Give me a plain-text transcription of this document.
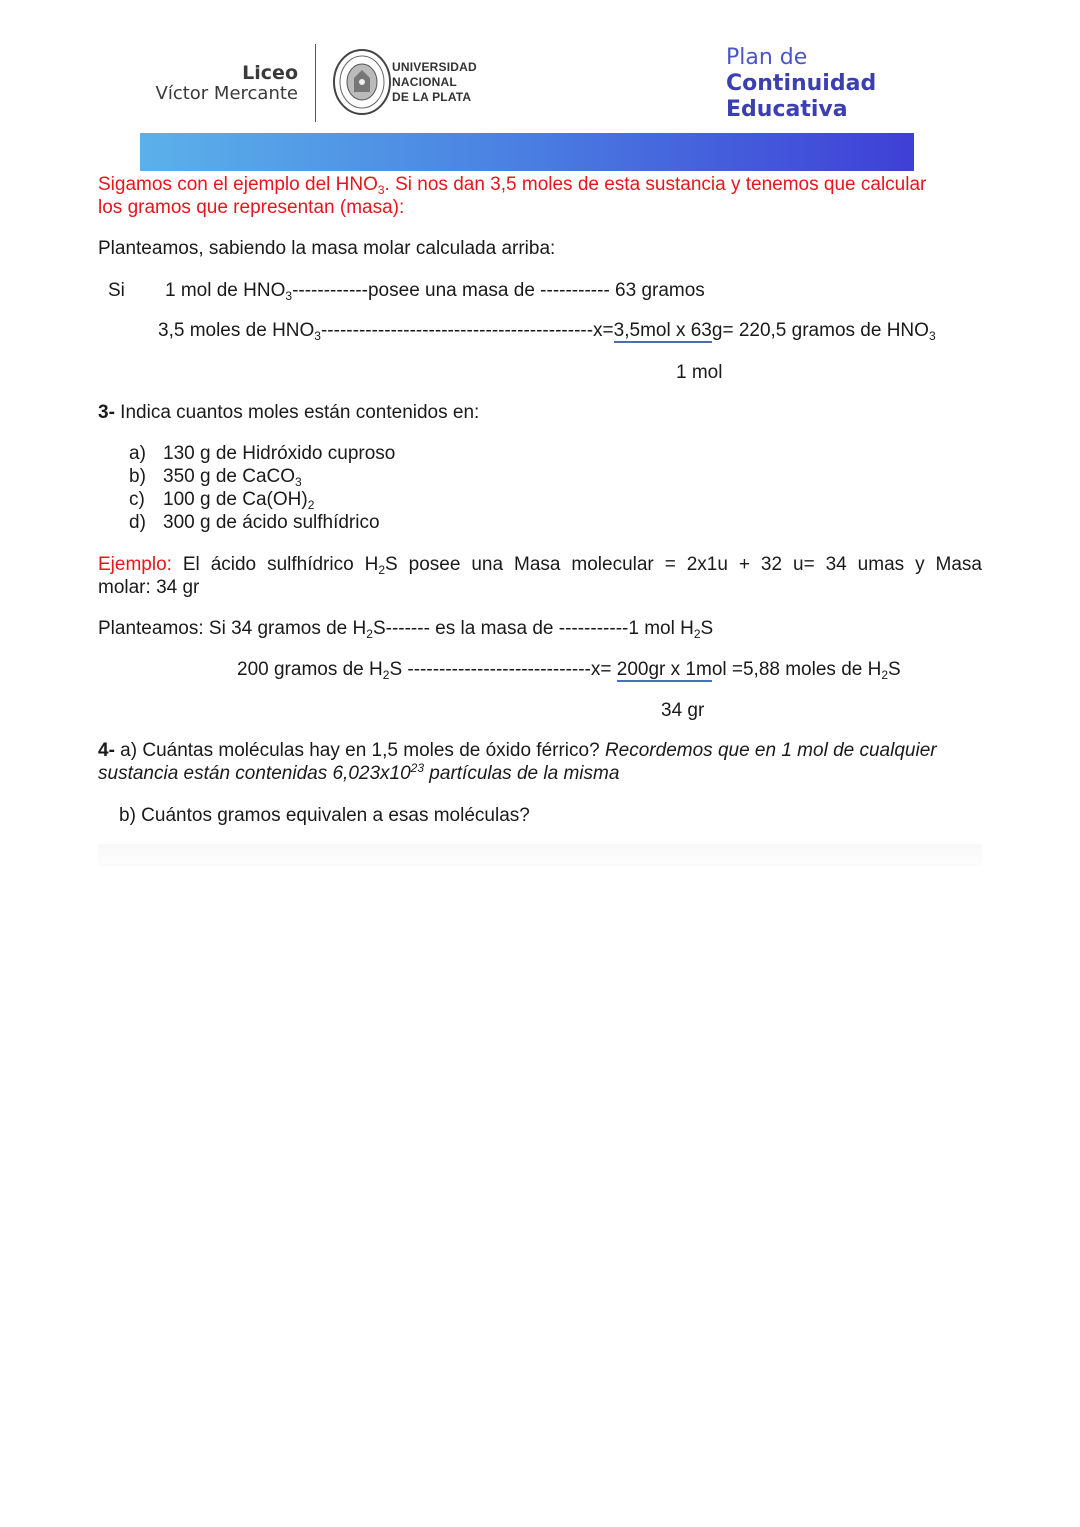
Liceo
Víctor Mercante
UNIVERSIDAD
NACIONAL
DE LA PLATA
Plan de
Continuidad
Educativa
Sigamos con el ejemplo del $HNO_3$. Si nos dan 3,5 moles de esta sustancia y tenemos que calcular
los gramos que representan (masa):
Planteamos, sabiendo la masa molar calculada arriba:
Si 1 mol de $HNO_3-----------$-posee una masa de ----------- 63 gramos
3,5 moles de $HNO_3-------------------------------------------x=3,5mol$ x 63g= 220,5 gramos de $HNO_3$
1 mol
3- Indica cuantos moles están contenidos en:
a) 130 g de Hidróxido cuproso
b) 350 g de CaCO$_3$
c) 100 g de $Ca(OH)_2$
d) 300 g de ácido sulfhídrico
Ejemplo: El ácido sulfhídrico $H_2S$ posee una Masa molecular = 2x1u + 32 u= 34 umas y Masa
molar: 34 gr
Planteamos: Si 34 gramos de $H_2S-------$ es la masa de -----------1 mol $H_2S$
200 gramos de $H_2S$ -----------------------------x= 200gr x 1mol =5,88 moles de $H_2S$
34 gr
4- a) Cuántas moléculas hay en 1,5 moles de óxido férrico? Recordemos que en 1 mol de cualquier
sustancia están contenidas $6,023x10^{23}$ partículas de la misma
b) Cuántos gramos equivalen a esas moléculas?
